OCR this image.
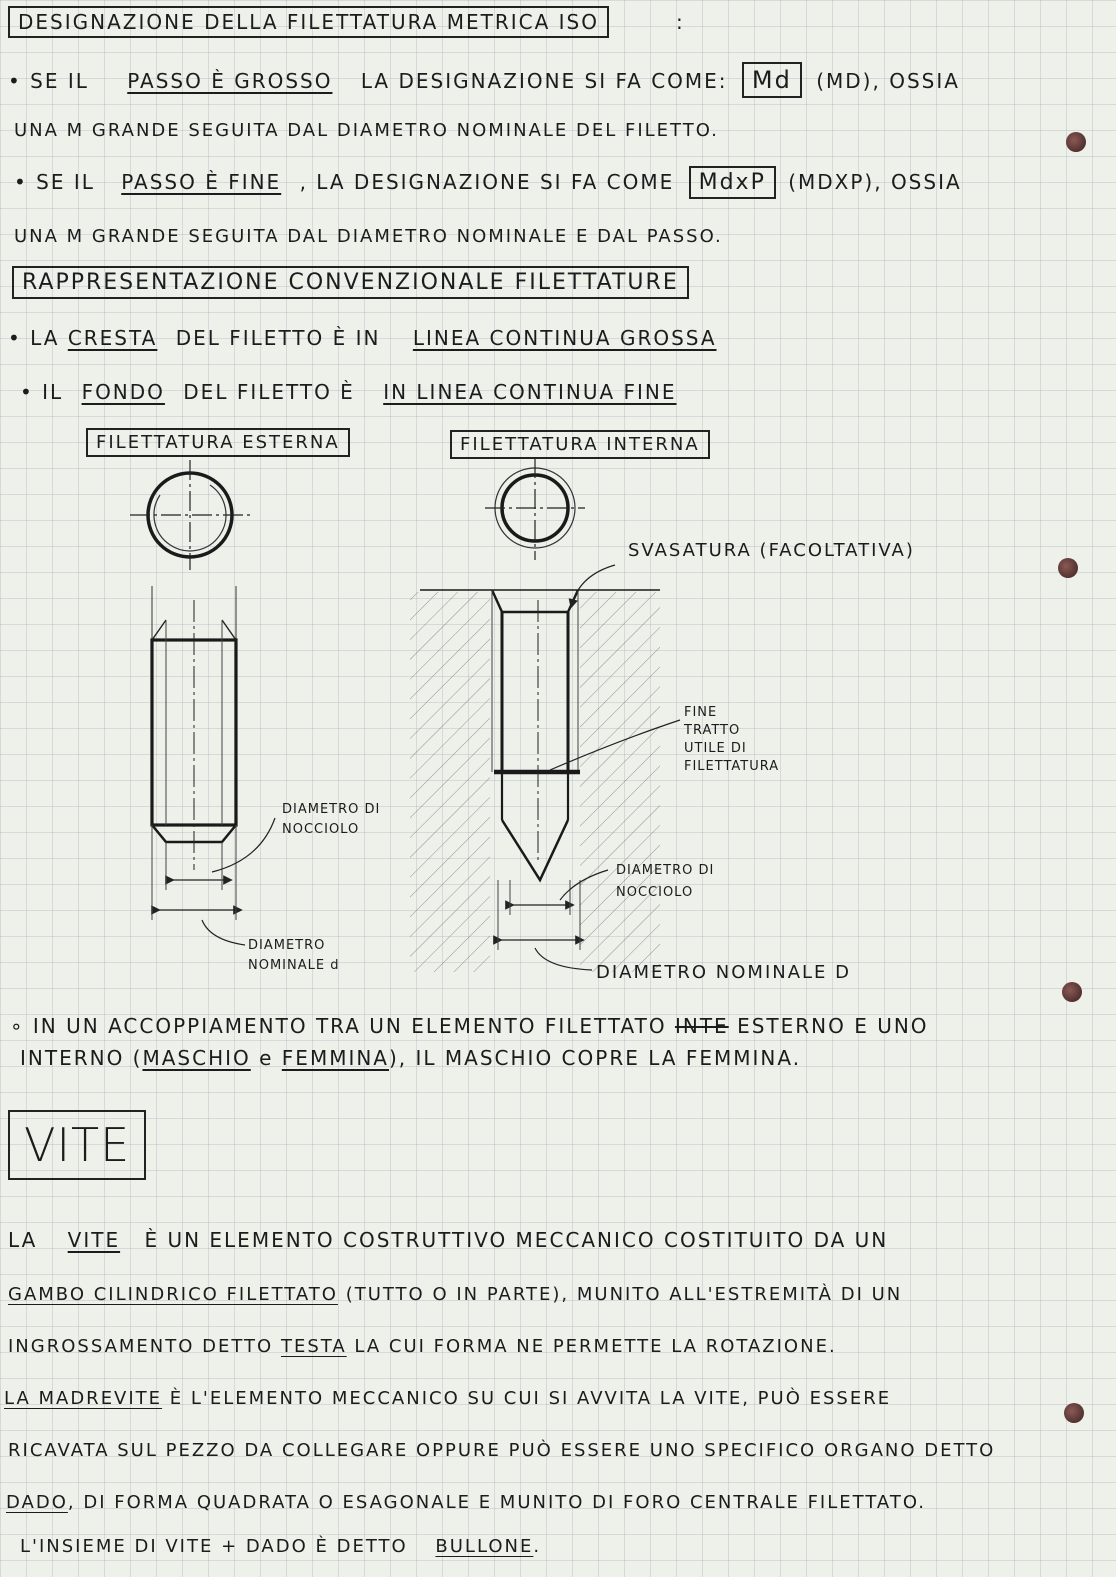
DESIGNAZIONE DELLA FILETTATURA METRICA ISO	:
• SE IL PASSO È GROSSO LA DESIGNAZIONE SI FA COME: Md (MD), OSSIA
UNA M GRANDE SEGUITA DAL DIAMETRO NOMINALE DEL FILETTO.
• SE IL PASSO È FINE , LA DESIGNAZIONE SI FA COME MdxP (MDXP), OSSIA
UNA M GRANDE SEGUITA DAL DIAMETRO NOMINALE E DAL PASSO.
RAPPRESENTAZIONE CONVENZIONALE FILETTATURE
• LA CRESTA DEL FILETTO È IN LINEA CONTINUA GROSSA
• IL FONDO DEL FILETTO È IN LINEA CONTINUA FINE
FILETTATURA ESTERNA	FILETTATURA INTERNA
SVASATURA (FACOLTATIVA)
FINE
TRATTO
UTILE DI
FILETTATURA
DIAMETRO DI
NOCCIOLO
DIAMETRO
NOMINALE d
DIAMETRO DI
NOCCIOLO
DIAMETRO NOMINALE D
∘ IN UN ACCOPPIAMENTO TRA UN ELEMENTO FILETTATO INTE ESTERNO E UNO
INTERNO (MASCHIO e FEMMINA), IL MASCHIO COPRE LA FEMMINA.
VITE
LA VITE È UN ELEMENTO COSTRUTTIVO MECCANICO COSTITUITO DA UN
GAMBO CILINDRICO FILETTATO (TUTTO O IN PARTE), MUNITO ALL'ESTREMITÀ DI UN
INGROSSAMENTO DETTO TESTA LA CUI FORMA NE PERMETTE LA ROTAZIONE.
LA MADREVITE È L'ELEMENTO MECCANICO SU CUI SI AVVITA LA VITE, PUÒ ESSERE
RICAVATA SUL PEZZO DA COLLEGARE OPPURE PUÒ ESSERE UNO SPECIFICO ORGANO DETTO
DADO, DI FORMA QUADRATA O ESAGONALE E MUNITO DI FORO CENTRALE FILETTATO.
L'INSIEME DI VITE + DADO È DETTO BULLONE.
